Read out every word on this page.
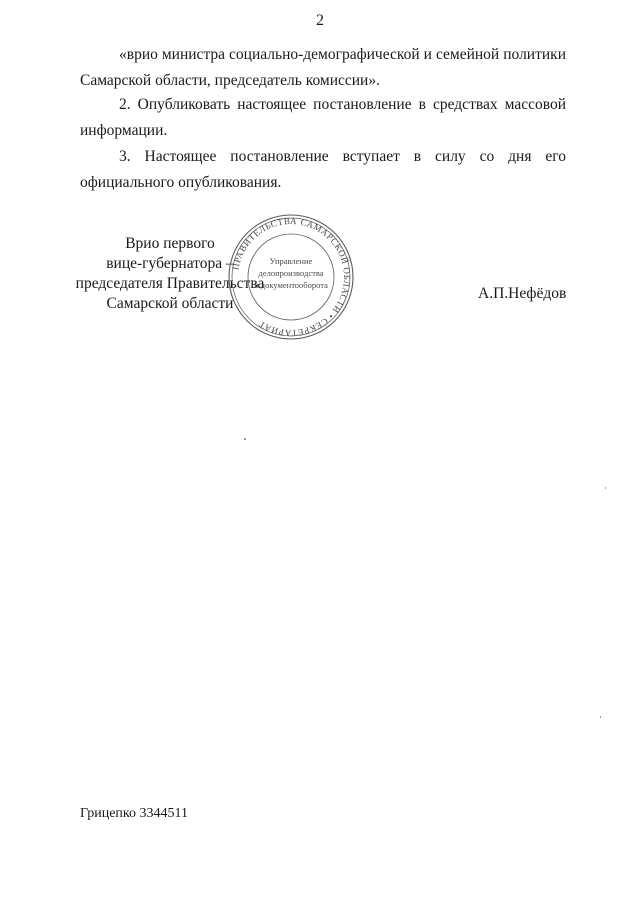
2
«врио министра социально-демографической и семейной политики Самарской области, председатель комиссии».
2. Опубликовать настоящее постановление в средствах массовой информации.
3. Настоящее постановление вступает в силу со дня его официального опубликования.
Врио первого
вице-губернатора –
председателя Правительства
Самарской области
ПРАВИТЕЛЬСТВА САМАРСКОЙ ОБЛАСТИ • СЕКРЕТАРИАТ
Управление
делопроизводства
и документооборота	А.П.Нефёдов
Грицепко 3344511
